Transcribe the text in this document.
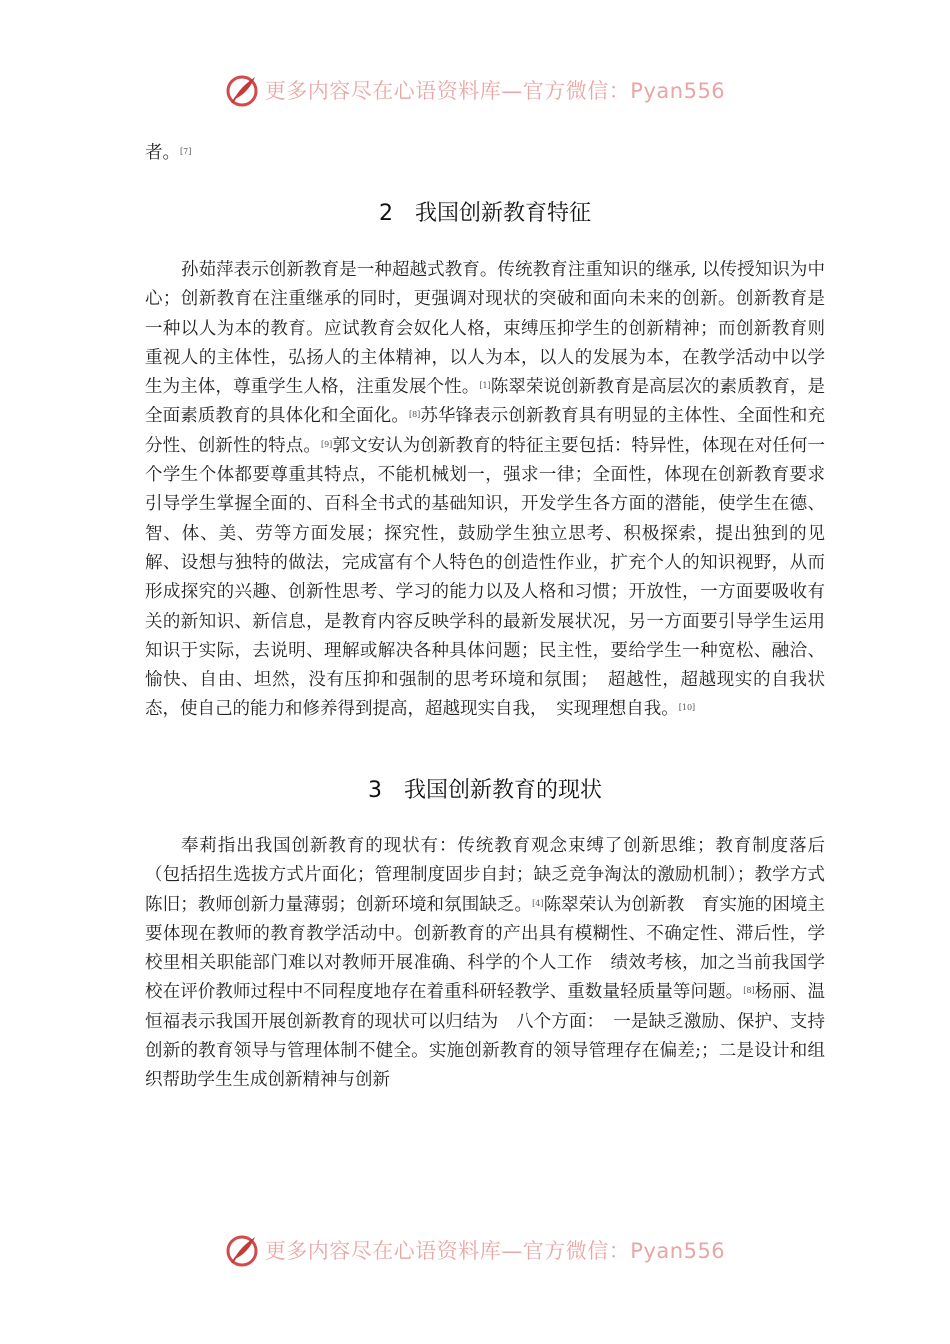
更多内容尽在心语资料库—官方微信：Pyan556

者。[7]

2 我国创新教育特征

孙茹萍表示创新教育是一种超越式教育。传统教育注重知识的继承, 以传授知识为中心；创新教育在注重继承的同时，更强调对现状的突破和面向未来的创新。创新教育是一种以人为本的教育。应试教育会奴化人格，束缚压抑学生的创新精神；而创新教育则重视人的主体性，弘扬人的主体精神，以人为本，以人的发展为本，在教学活动中以学生为主体，尊重学生人格，注重发展个性。[1]陈翠荣说创新教育是高层次的素质教育，是全面素质教育的具体化和全面化。[8]苏华锋表示创新教育具有明显的主体性、全面性和充分性、创新性的特点。[9]郭文安认为创新教育的特征主要包括：特异性，体现在对任何一个学生个体都要尊重其特点，不能机械划一，强求一律；全面性，体现在创新教育要求引导学生掌握全面的、百科全书式的基础知识，开发学生各方面的潜能，使学生在德、智、体、美、劳等方面发展；探究性，鼓励学生独立思考、积极探索，提出独到的见解、设想与独特的做法，完成富有个人特色的创造性作业，扩充个人的知识视野，从而形成探究的兴趣、创新性思考、学习的能力以及人格和习惯；开放性，一方面要吸收有关的新知识、新信息，是教育内容反映学科的最新发展状况，另一方面要引导学生运用知识于实际，去说明、理解或解决各种具体问题；民主性，要给学生一种宽松、融洽、愉快、自由、坦然，没有压抑和强制的思考环境和氛围；　超越性，超越现实的自我状态，使自己的能力和修养得到提高，超越现实自我，　实现理想自我。[10]

3 我国创新教育的现状

奉莉指出我国创新教育的现状有：传统教育观念束缚了创新思维；教育制度落后（包括招生选拔方式片面化；管理制度固步自封；缺乏竞争淘汰的激励机制）；教学方式陈旧；教师创新力量薄弱；创新环境和氛围缺乏。[4]陈翠荣认为创新教　育实施的困境主要体现在教师的教育教学活动中。创新教育的产出具有模糊性、不确定性、滞后性，学校里相关职能部门难以对教师开展准确、科学的个人工作　绩效考核，加之当前我国学校在评价教师过程中不同程度地存在着重科研轻教学、重数量轻质量等问题。[8]杨丽、温恒福表示我国开展创新教育的现状可以归结为　八个方面：　一是缺乏激励、保护、支持创新的教育领导与管理体制不健全。实施创新教育的领导管理存在偏差;；二是设计和组织帮助学生生成创新精神与创新

更多内容尽在心语资料库—官方微信：Pyan556
